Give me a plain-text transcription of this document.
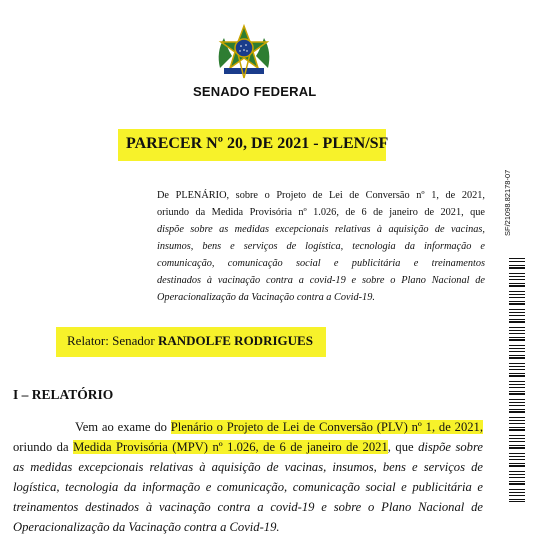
SENADO FEDERAL
PARECER Nº 20, DE 2021 - PLEN/SF
De PLENÁRIO, sobre o Projeto de Lei de Conversão nº 1, de 2021,
oriundo da Medida Provisória nº 1.026, de 6 de janeiro de 2021, que
dispõe sobre as medidas excepcionais relativas à aquisição de vacinas,
insumos, bens e serviços de logística, tecnologia da informação e
comunicação, comunicação social e publicitária e treinamentos
destinados à vacinação contra a covid-19 e sobre o Plano Nacional de
Operacionalização da Vacinação contra a Covid-19.
Relator: Senador RANDOLFE RODRIGUES
I – RELATÓRIO
Vem ao exame do Plenário o Projeto de Lei de Conversão (PLV) nº 1, de 2021,
oriundo da Medida Provisória (MPV) nº 1.026, de 6 de janeiro de 2021, que dispõe sobre
as medidas excepcionais relativas à aquisição de vacinas, insumos, bens e serviços de
logística, tecnologia da informação e comunicação, comunicação social e publicitária e
treinamentos destinados à vacinação contra a covid-19 e sobre o Plano Nacional de
Operacionalização da Vacinação contra a Covid-19.
SF/21098.82178-07
